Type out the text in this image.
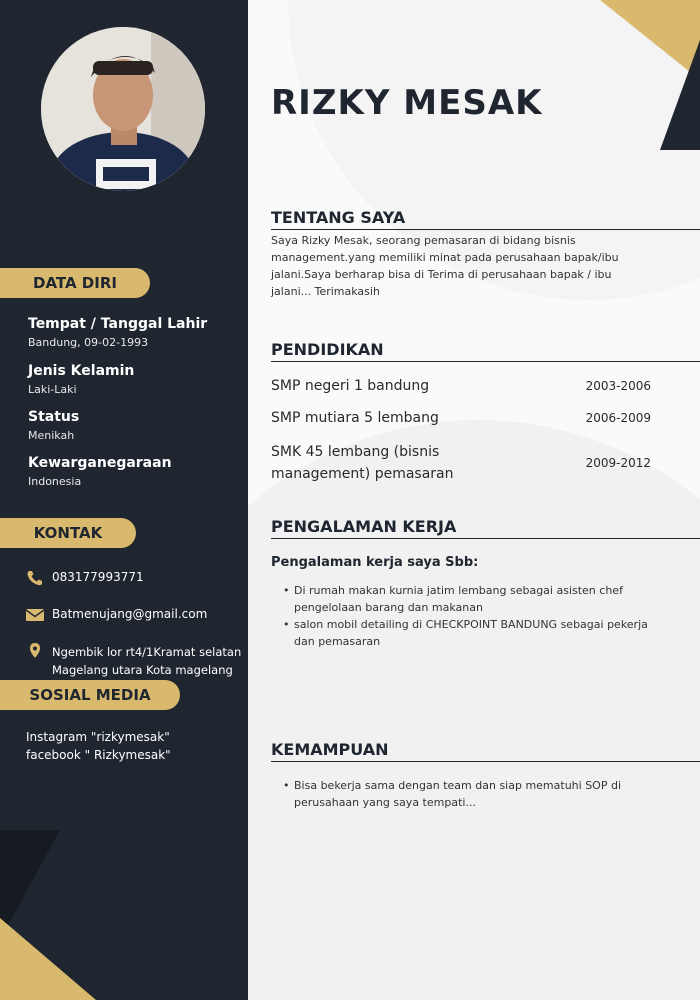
DATA DIRI
Tempat / Tanggal Lahir
Bandung, 09-02-1993
Jenis Kelamin
Laki-Laki
Status
Menikah
Kewarganegaraan
Indonesia
KONTAK
083177993771
Batmenujang@gmail.com
Ngembik lor rt4/1Kramat selatan
Magelang utara Kota magelang
SOSIAL MEDIA
Instagram "rizkymesak"
facebook " Rizkymesak"
RIZKY MESAK
TENTANG SAYA
Saya Rizky Mesak, seorang pemasaran di bidang bisnis management.yang memiliki minat pada perusahaan bapak/ibu jalani.Saya berharap bisa di Terima di perusahaan bapak / ibu jalani... Terimakasih
PENDIDIKAN
SMP negeri 1 bandung	2003-2006
SMP mutiara 5 lembang	2006-2009
SMK 45 lembang (bisnis management) pemasaran
2009-2012
PENGALAMAN KERJA
Pengalaman kerja saya Sbb:
• Di rumah makan kurnia jatim lembang sebagai asisten chef pengelolaan barang dan makanan
• salon mobil detailing di CHECKPOINT BANDUNG sebagai pekerja dan pemasaran
KEMAMPUAN
• Bisa bekerja sama dengan team dan siap mematuhi SOP di perusahaan yang saya tempati...
